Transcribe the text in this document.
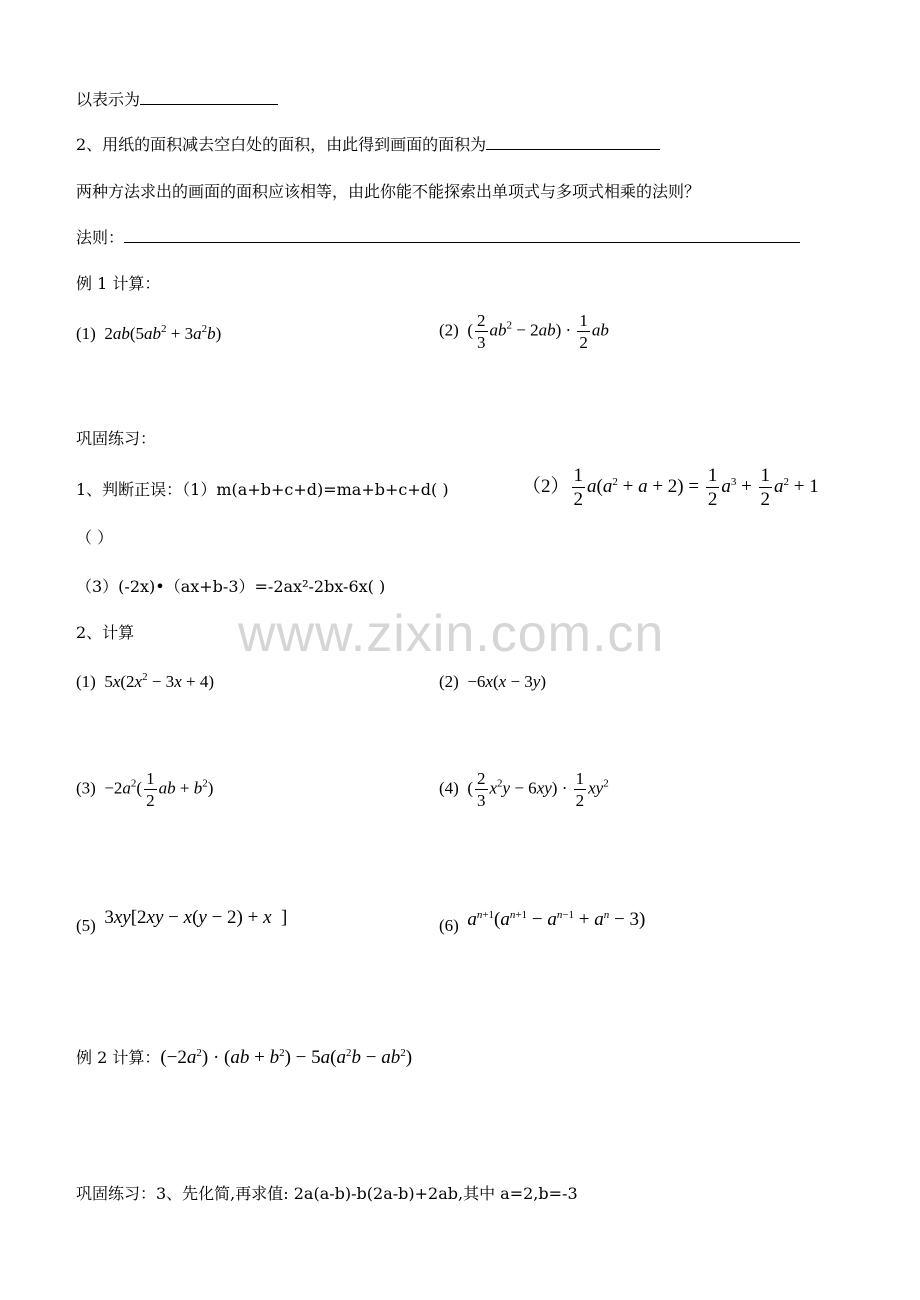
以表示为
2、用纸的面积减去空白处的面积，由此得到画面的面积为
两种方法求出的画面的面积应该相等，由此你能不能探索出单项式与多项式相乘的法则？
法则：
例 1 计算：
(1)  $2ab(5ab^2 + 3a^2b)$	(2)  ( $\frac{2}{3} ab^2 - 2ab) \cdot \frac{1}{2}$ ab
巩固练习：
1、判断正误：（1）m(a+b+c+d)=ma+b+c+d( )	$(2) \frac{1}{2} a(a^2 + a + 2) = \frac{1}{2} a^3 + \frac{1}{2} a^2 + 1$
（ ）
（3）(-2x)•（ax+b-3）=-2ax²-2bx-6x( )
www.zixin.com.cn
2、计算
(1)  $5x(2x^2 - 3x + 4)$	(2)  −6x(x − 3y)
$(3) -2a^2( \frac{1}{2}$ ab + $b^2$)	(4)  ( $\frac{2}{3} x^2y - 6xy) \cdot \frac{1}{2} xy^2$
(5) 3xy[2xy − x(y − 2) + x  ]	(6) $a^{n+1}(a^{n+1} - a^{n-1} + a^n - 3)$
例 2 计算：$(-2a^2) \cdot (ab + b^2) - 5a(a^2b - ab^2)$
巩固练习：3、先化简,再求值: 2a(a-b)-b(2a-b)+2ab,其中 a=2,b=-3
